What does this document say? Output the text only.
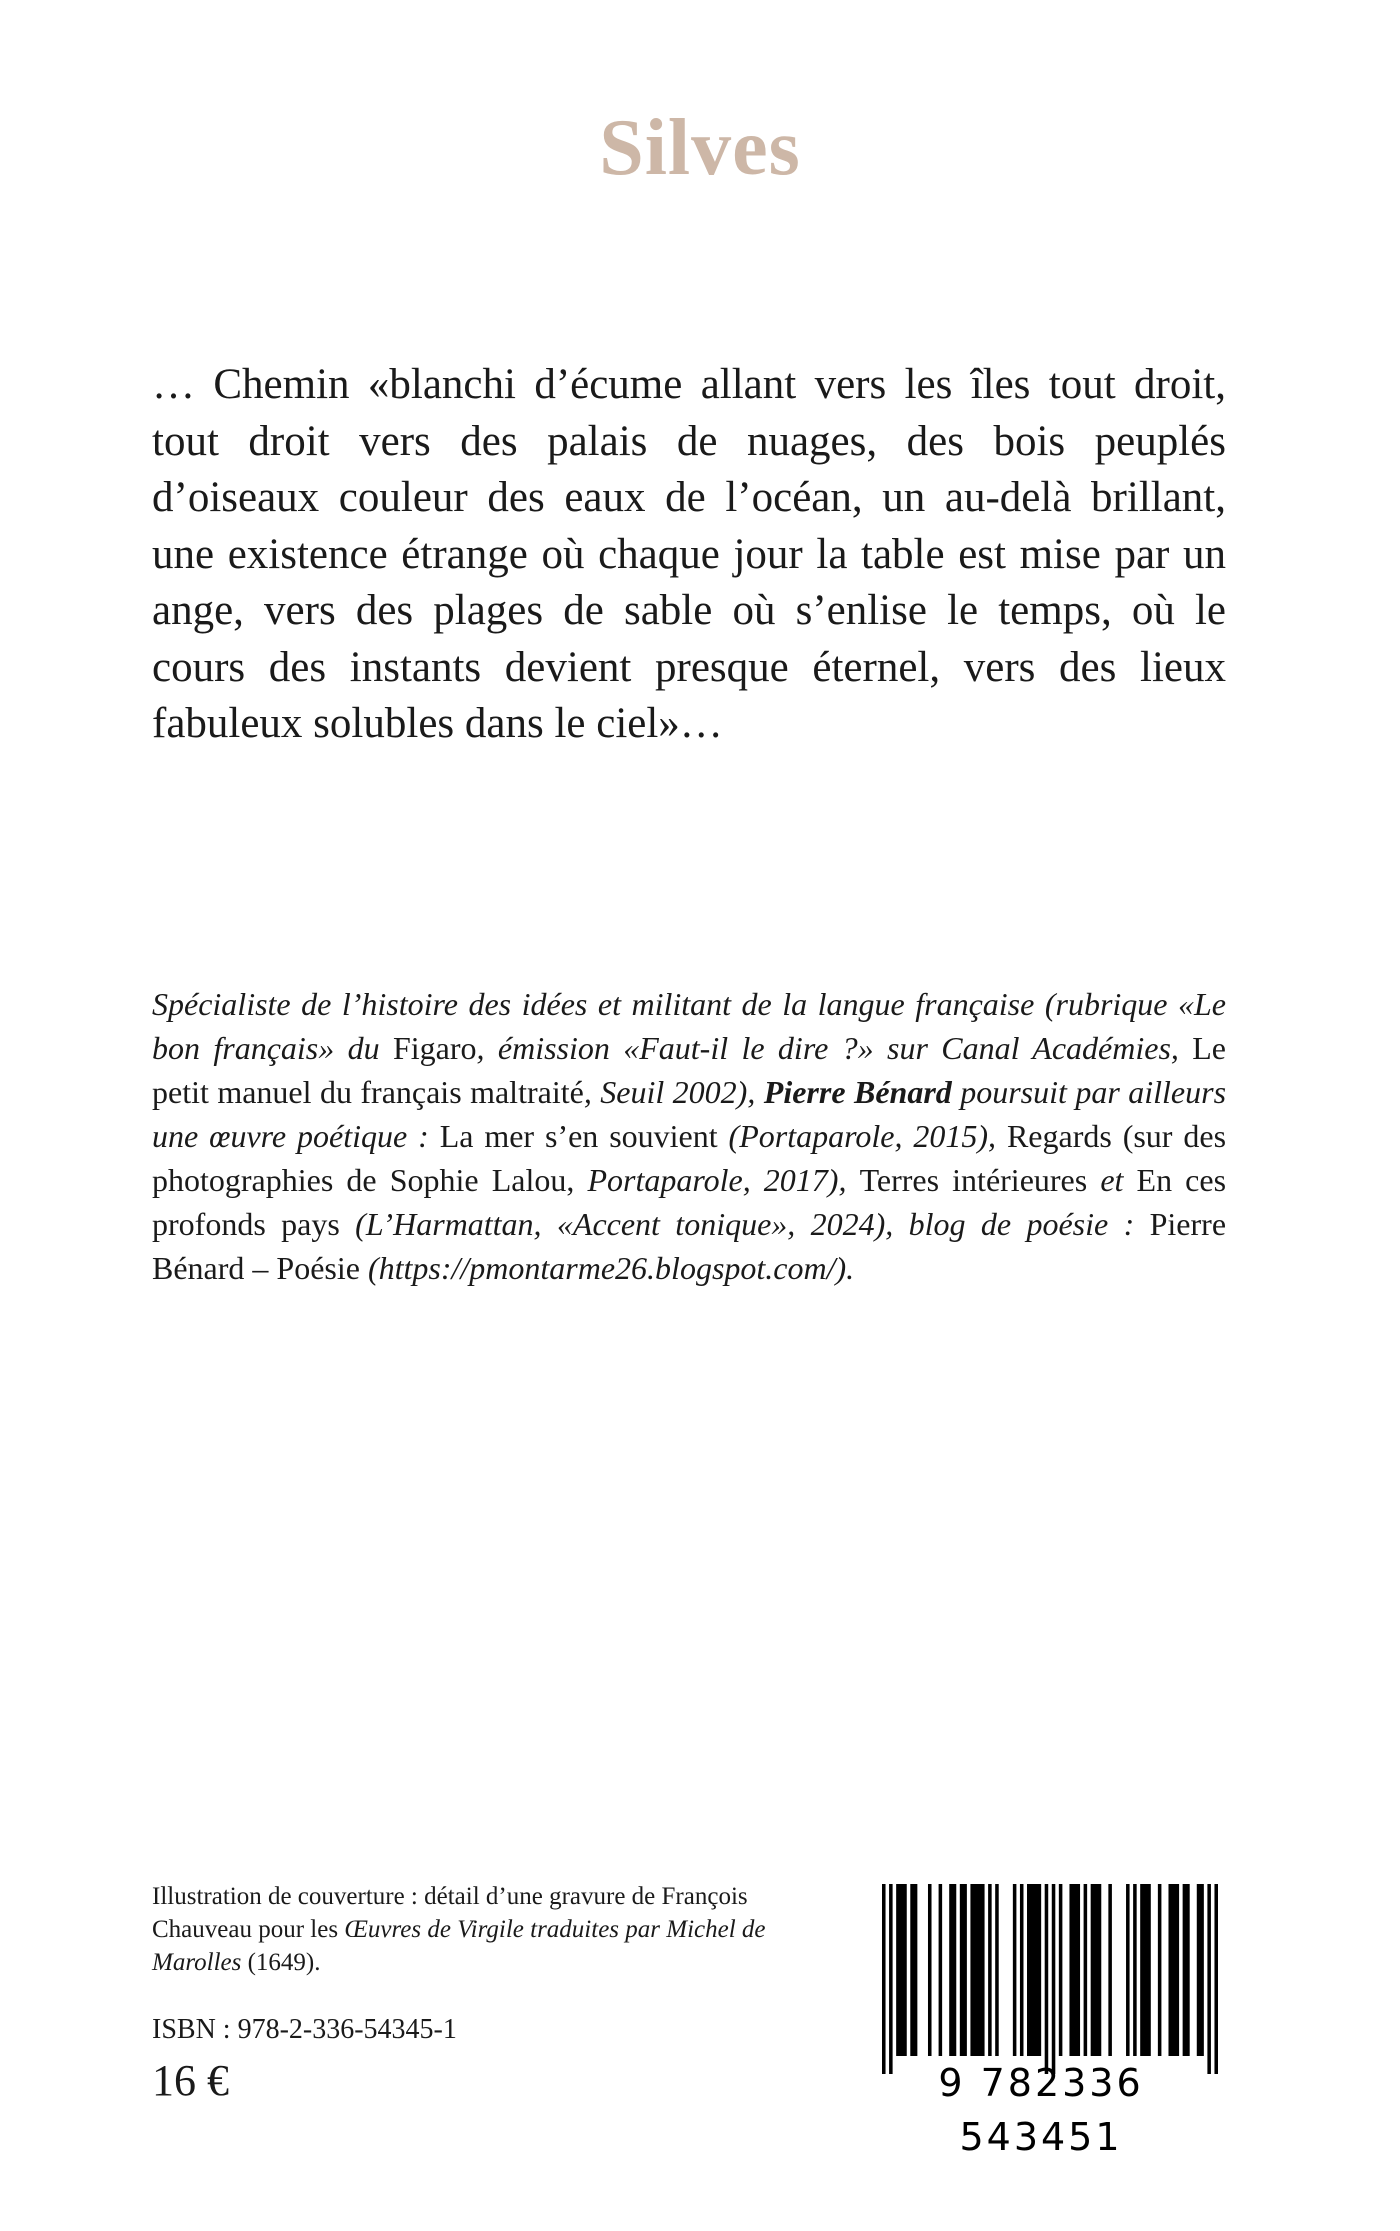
Silves

… Chemin «blanchi d’écume allant vers les îles tout droit, tout droit vers des palais de nuages, des bois peuplés d’oiseaux couleur des eaux de l’océan, un au-delà brillant, une existence étrange où chaque jour la table est mise par un ange, vers des plages de sable où s’enlise le temps, où le cours des instants devient presque éternel, vers des lieux fabuleux solubles dans le ciel»…

Spécialiste de l’histoire des idées et militant de la langue française (rubrique «Le bon français» du Figaro, émission «Faut-il le dire ?» sur Canal Académies, Le petit manuel du français maltraité, Seuil 2002), Pierre Bénard poursuit par ailleurs une œuvre poétique : La mer s’en souvient (Portaparole, 2015), Regards (sur des photographies de Sophie Lalou, Portaparole, 2017), Terres intérieures et En ces profonds pays (L’Harmattan, «Accent tonique», 2024), blog de poésie : Pierre Bénard – Poésie (https://pmontarme26.blogspot.com/).

Illustration de couverture : détail d’une gravure de François Chauveau pour les Œuvres de Virgile traduites par Michel de Marolles (1649).

ISBN : 978-2-336-54345-1

16 €	9 782336 543451
